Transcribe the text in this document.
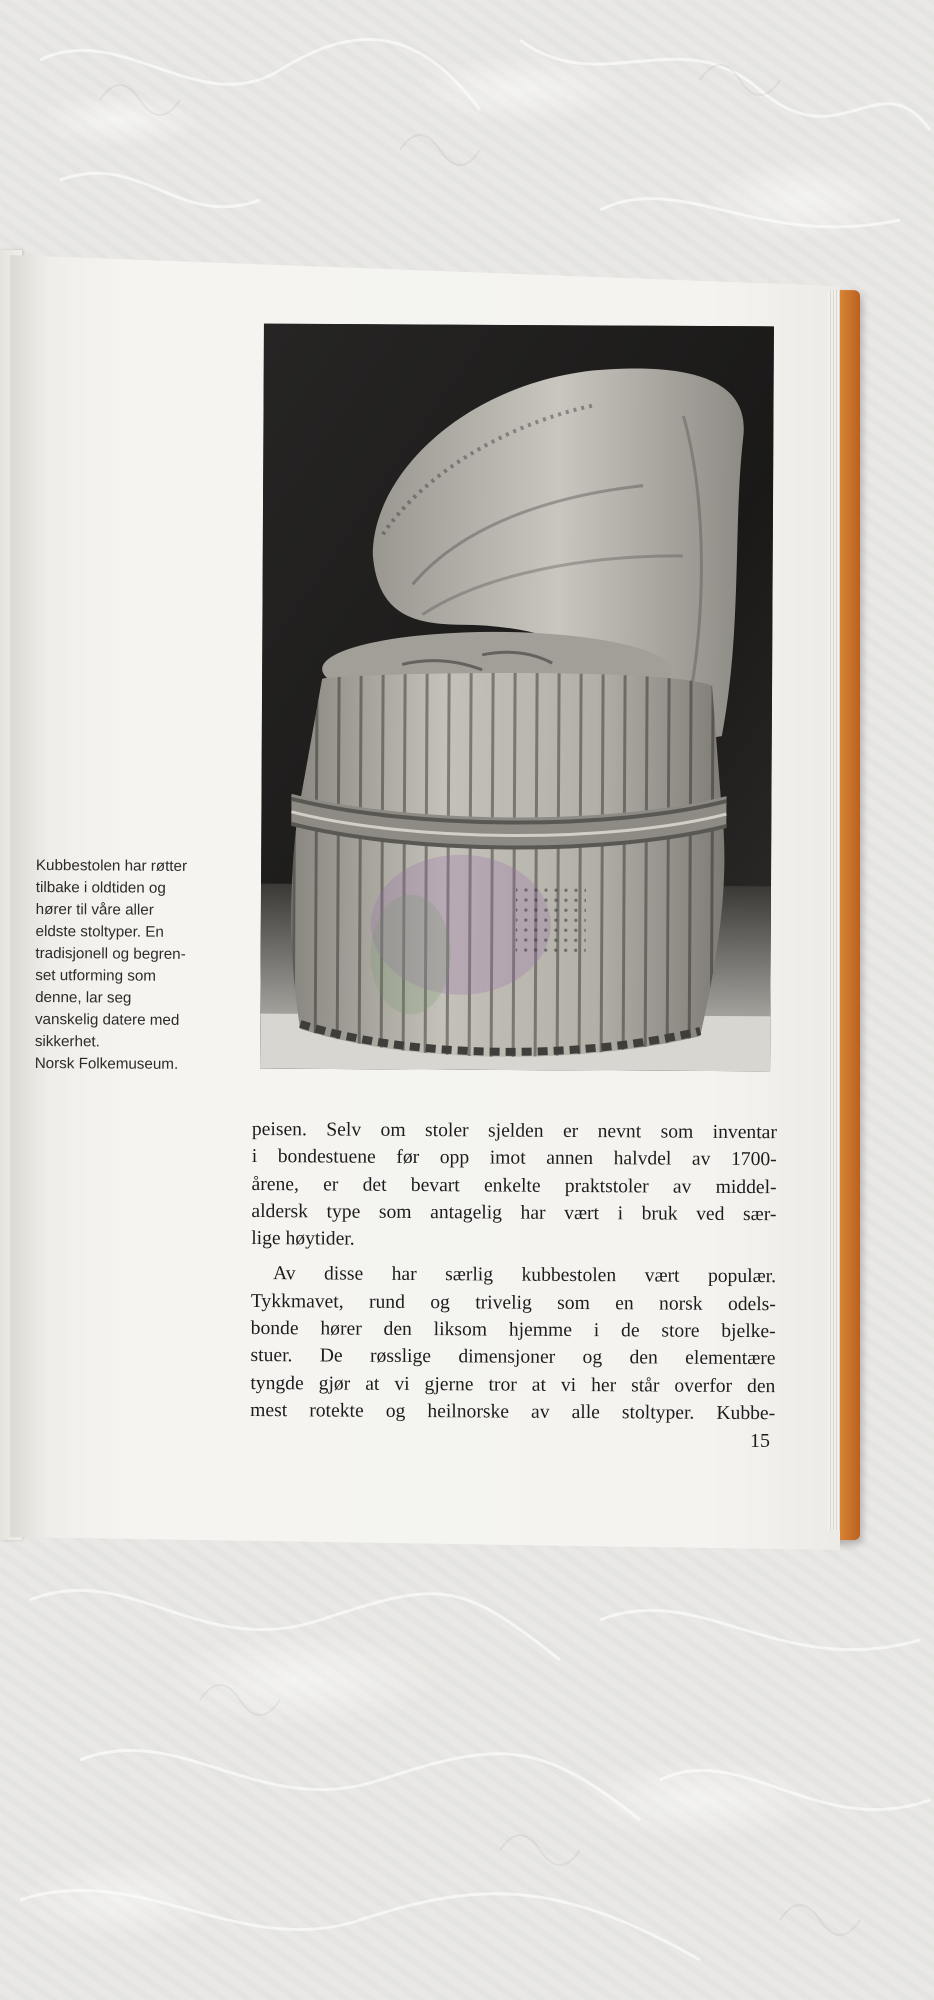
Kubbestolen har røtter
tilbake i oldtiden og
hører til våre aller
eldste stoltyper. En
tradisjonell og begren-
set utforming som
denne, lar seg
vanskelig datere med
sikkerhet.
Norsk Folkemuseum.
peisen. Selv om stoler sjelden er nevnt som inventar
i bondestuene før opp imot annen halvdel av 1700-
årene, er det bevart enkelte praktstoler av middel-
aldersk type som antagelig har vært i bruk ved sær-
lige høytider.
Av disse har særlig kubbestolen vært populær.
Tykkmavet, rund og trivelig som en norsk odels-
bonde hører den liksom hjemme i de store bjelke-
stuer. De røsslige dimensjoner og den elementære
tyngde gjør at vi gjerne tror at vi her står overfor den
mest rotekte og heilnorske av alle stoltyper. Kubbe-
15
